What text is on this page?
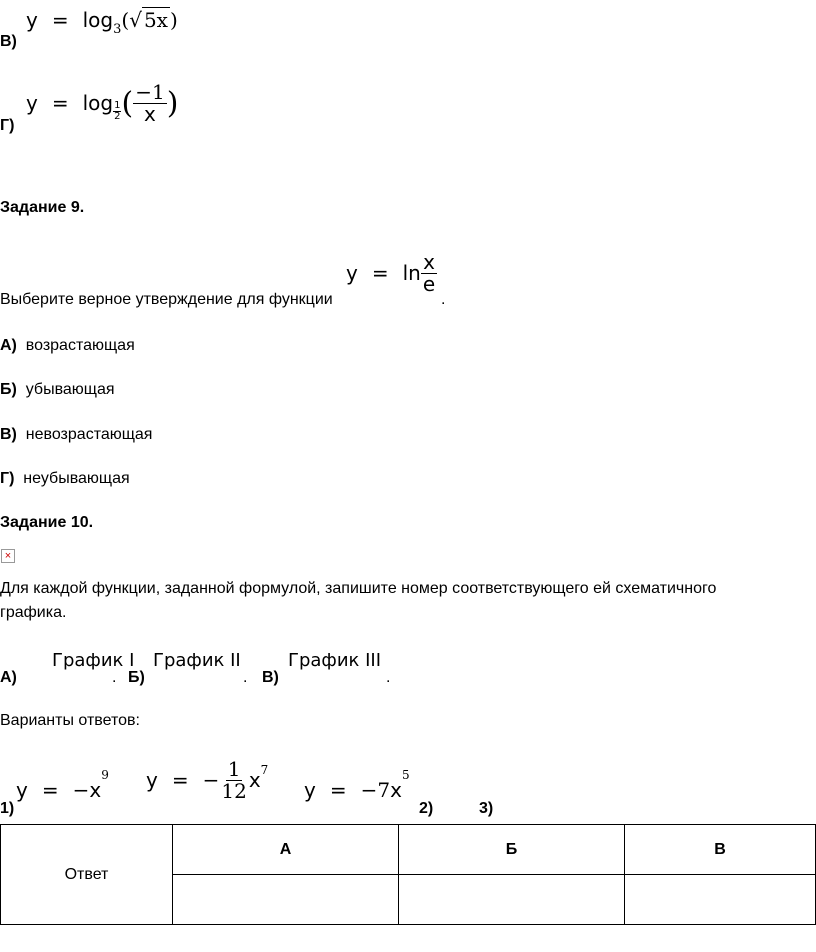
В)
$y = \log_3(√$ 5x )
Г)
$y = \log \frac{1}{2}$ ( $\frac{-1}{x}$ )
Задание 9.
Выберите верное утверждение для функции
$y = \ln \frac{x}{e}$
.
А) возрастающая
Б) убывающая
В) невозрастающая
Г) неубывающая
Задание 10.
×
Для каждой функции, заданной формулой, запишите номер соответствующего ей схематичного
графика.
А)
График I
. Б)
График II
. В)
График III
.
Варианты ответов:
1)
$y = -x^9$ y = − $\frac{1}{12} x^7$
2)
$y = -7x^5$
3)
Ответ	А	Б	В
